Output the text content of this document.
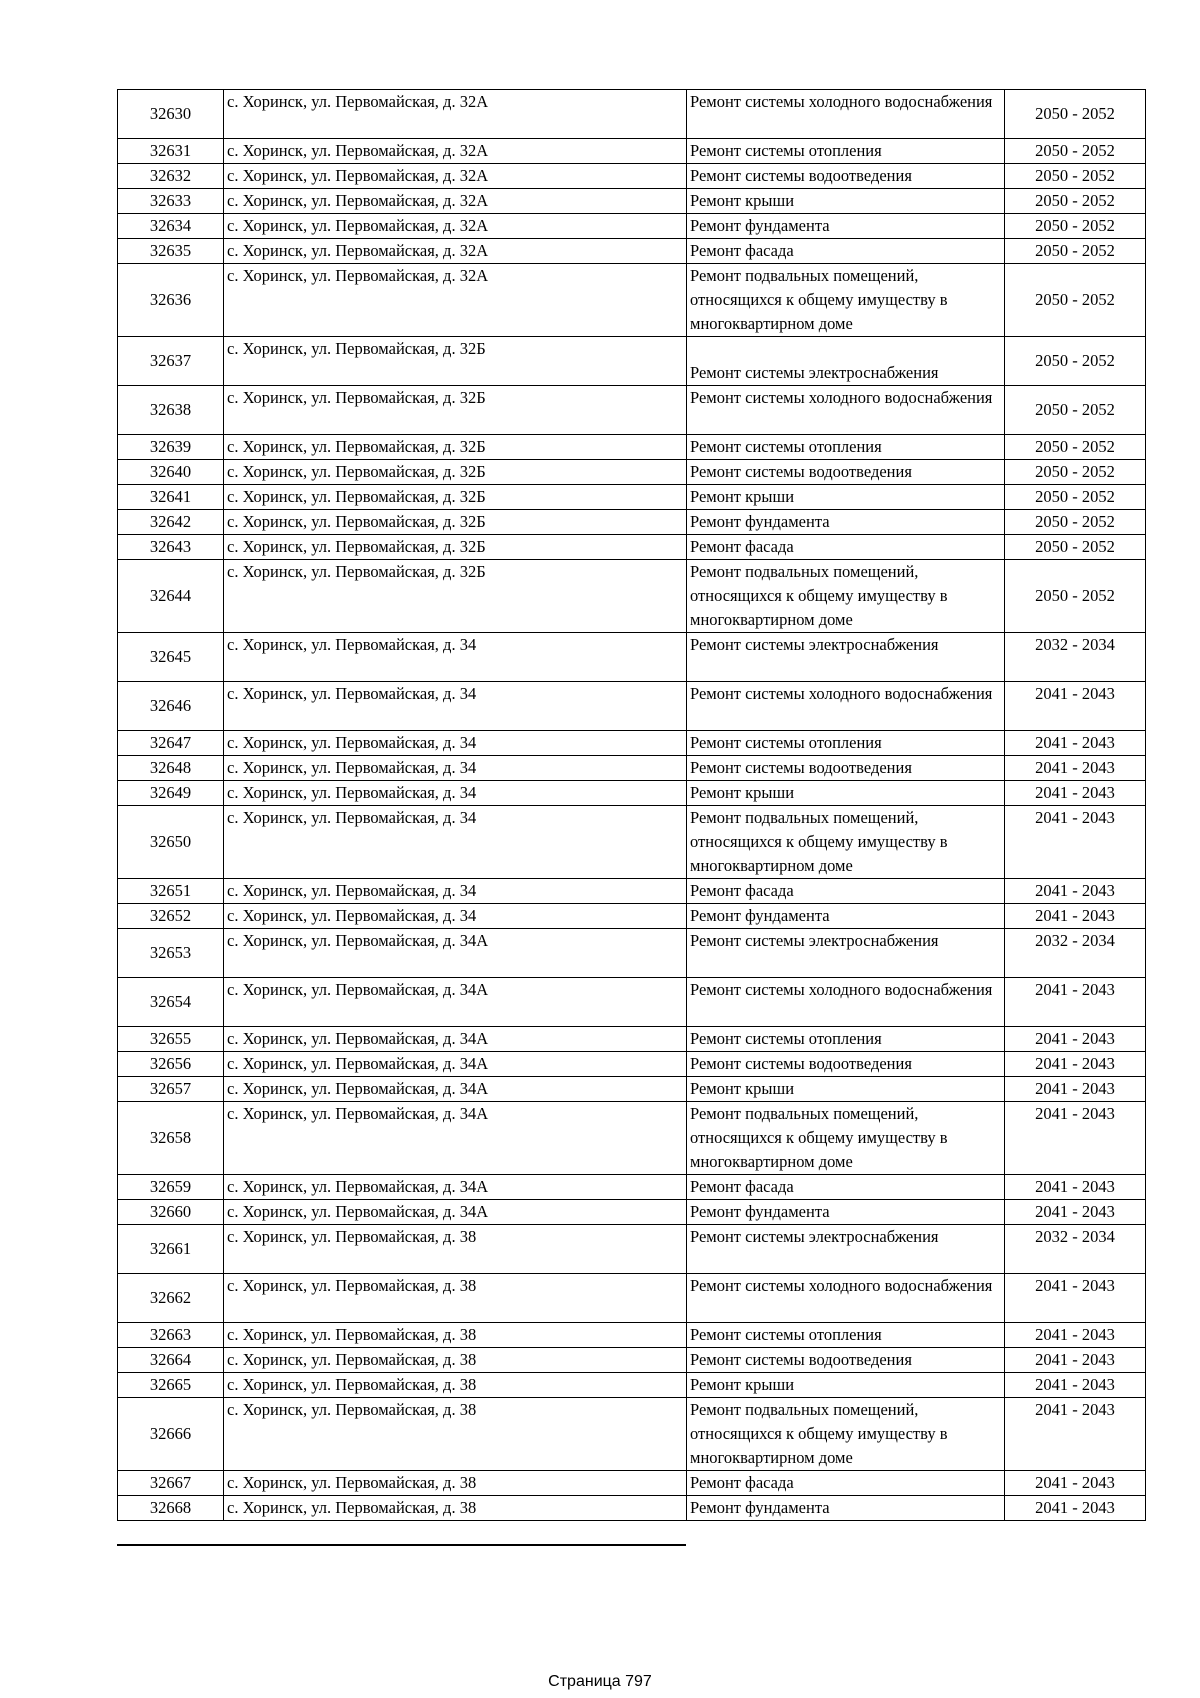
32630	с. Хоринск, ул. Первомайская, д. 32А	Ремонт системы холодного водоснабжения	2050 - 2052
32631	с. Хоринск, ул. Первомайская, д. 32А	Ремонт системы отопления	2050 - 2052
32632	с. Хоринск, ул. Первомайская, д. 32А	Ремонт системы водоотведения	2050 - 2052
32633	с. Хоринск, ул. Первомайская, д. 32А	Ремонт крыши	2050 - 2052
32634	с. Хоринск, ул. Первомайская, д. 32А	Ремонт фундамента	2050 - 2052
32635	с. Хоринск, ул. Первомайская, д. 32А	Ремонт фасада	2050 - 2052
32636	с. Хоринск, ул. Первомайская, д. 32А	Ремонт подвальных помещений, относящихся к общему имуществу в многоквартирном доме	2050 - 2052
32637	с. Хоринск, ул. Первомайская, д. 32Б	Ремонт системы электроснабжения	2050 - 2052
32638	с. Хоринск, ул. Первомайская, д. 32Б	Ремонт системы холодного водоснабжения	2050 - 2052
32639	с. Хоринск, ул. Первомайская, д. 32Б	Ремонт системы отопления	2050 - 2052
32640	с. Хоринск, ул. Первомайская, д. 32Б	Ремонт системы водоотведения	2050 - 2052
32641	с. Хоринск, ул. Первомайская, д. 32Б	Ремонт крыши	2050 - 2052
32642	с. Хоринск, ул. Первомайская, д. 32Б	Ремонт фундамента	2050 - 2052
32643	с. Хоринск, ул. Первомайская, д. 32Б	Ремонт фасада	2050 - 2052
32644	с. Хоринск, ул. Первомайская, д. 32Б	Ремонт подвальных помещений, относящихся к общему имуществу в многоквартирном доме	2050 - 2052
32645	с. Хоринск, ул. Первомайская, д. 34	Ремонт системы электроснабжения	2032 - 2034
32646	с. Хоринск, ул. Первомайская, д. 34	Ремонт системы холодного водоснабжения	2041 - 2043
32647	с. Хоринск, ул. Первомайская, д. 34	Ремонт системы отопления	2041 - 2043
32648	с. Хоринск, ул. Первомайская, д. 34	Ремонт системы водоотведения	2041 - 2043
32649	с. Хоринск, ул. Первомайская, д. 34	Ремонт крыши	2041 - 2043
32650	с. Хоринск, ул. Первомайская, д. 34	Ремонт подвальных помещений, относящихся к общему имуществу в многоквартирном доме	2041 - 2043
32651	с. Хоринск, ул. Первомайская, д. 34	Ремонт фасада	2041 - 2043
32652	с. Хоринск, ул. Первомайская, д. 34	Ремонт фундамента	2041 - 2043
32653	с. Хоринск, ул. Первомайская, д. 34А	Ремонт системы электроснабжения	2032 - 2034
32654	с. Хоринск, ул. Первомайская, д. 34А	Ремонт системы холодного водоснабжения	2041 - 2043
32655	с. Хоринск, ул. Первомайская, д. 34А	Ремонт системы отопления	2041 - 2043
32656	с. Хоринск, ул. Первомайская, д. 34А	Ремонт системы водоотведения	2041 - 2043
32657	с. Хоринск, ул. Первомайская, д. 34А	Ремонт крыши	2041 - 2043
32658	с. Хоринск, ул. Первомайская, д. 34А	Ремонт подвальных помещений, относящихся к общему имуществу в многоквартирном доме	2041 - 2043
32659	с. Хоринск, ул. Первомайская, д. 34А	Ремонт фасада	2041 - 2043
32660	с. Хоринск, ул. Первомайская, д. 34А	Ремонт фундамента	2041 - 2043
32661	с. Хоринск, ул. Первомайская, д. 38	Ремонт системы электроснабжения	2032 - 2034
32662	с. Хоринск, ул. Первомайская, д. 38	Ремонт системы холодного водоснабжения	2041 - 2043
32663	с. Хоринск, ул. Первомайская, д. 38	Ремонт системы отопления	2041 - 2043
32664	с. Хоринск, ул. Первомайская, д. 38	Ремонт системы водоотведения	2041 - 2043
32665	с. Хоринск, ул. Первомайская, д. 38	Ремонт крыши	2041 - 2043
32666	с. Хоринск, ул. Первомайская, д. 38	Ремонт подвальных помещений, относящихся к общему имуществу в многоквартирном доме	2041 - 2043
32667	с. Хоринск, ул. Первомайская, д. 38	Ремонт фасада	2041 - 2043
32668	с. Хоринск, ул. Первомайская, д. 38	Ремонт фундамента	2041 - 2043
Страница 797
